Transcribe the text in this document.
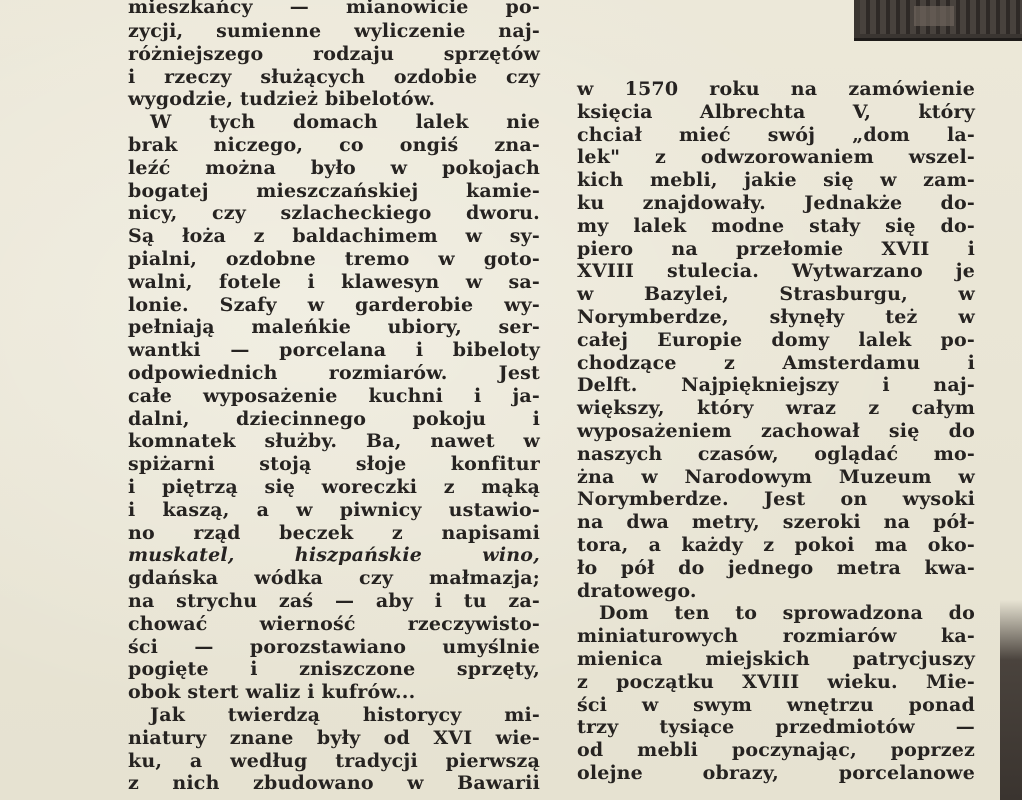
mieszkańcy — mianowicie po-
zycji, sumienne wyliczenie naj-
różniejszego rodzaju sprzętów
i rzeczy służących ozdobie czy
wygodzie, tudzież bibelotów.
W tych domach lalek nie
brak niczego, co ongiś zna-
leźć można było w pokojach
bogatej mieszczańskiej kamie-
nicy, czy szlacheckiego dworu.
Są łoża z baldachimem w sy-
pialni, ozdobne tremo w goto-
walni, fotele i klawesyn w sa-
lonie. Szafy w garderobie wy-
pełniają maleńkie ubiory, ser-
wantki — porcelana i bibeloty
odpowiednich rozmiarów. Jest
całe wyposażenie kuchni i ja-
dalni, dziecinnego pokoju i
komnatek służby. Ba, nawet w
spiżarni stoją słoje konfitur
i piętrzą się woreczki z mąką
i kaszą, a w piwnicy ustawio-
no rząd beczek z napisami
muskatel, hiszpańskie wino,
gdańska wódka czy małmazja;
na strychu zaś — aby i tu za-
chować wierność rzeczywisto-
ści — porozstawiano umyślnie
pogięte i zniszczone sprzęty,
obok stert waliz i kufrów...
Jak twierdzą historycy mi-
niatury znane były od XVI wie-
ku, a według tradycji pierwszą
z nich zbudowano w Bawarii
w 1570 roku na zamówienie
księcia Albrechta V, który
chciał mieć swój „dom la-
lek" z odwzorowaniem wszel-
kich mebli, jakie się w zam-
ku znajdowały. Jednakże do-
my lalek modne stały się do-
piero na przełomie XVII i
XVIII stulecia. Wytwarzano je
w Bazylei, Strasburgu, w
Norymberdze, słynęły też w
całej Europie domy lalek po-
chodzące z Amsterdamu i
Delft. Najpiękniejszy i naj-
większy, który wraz z całym
wyposażeniem zachował się do
naszych czasów, oglądać mo-
żna w Narodowym Muzeum w
Norymberdze. Jest on wysoki
na dwa metry, szeroki na pół-
tora, a każdy z pokoi ma oko-
ło pół do jednego metra kwa-
dratowego.
Dom ten to sprowadzona do
miniaturowych rozmiarów ka-
mienica miejskich patrycjuszy
z początku XVIII wieku. Mie-
ści w swym wnętrzu ponad
trzy tysiące przedmiotów —
od mebli poczynając, poprzez
olejne obrazy, porcelanowe
